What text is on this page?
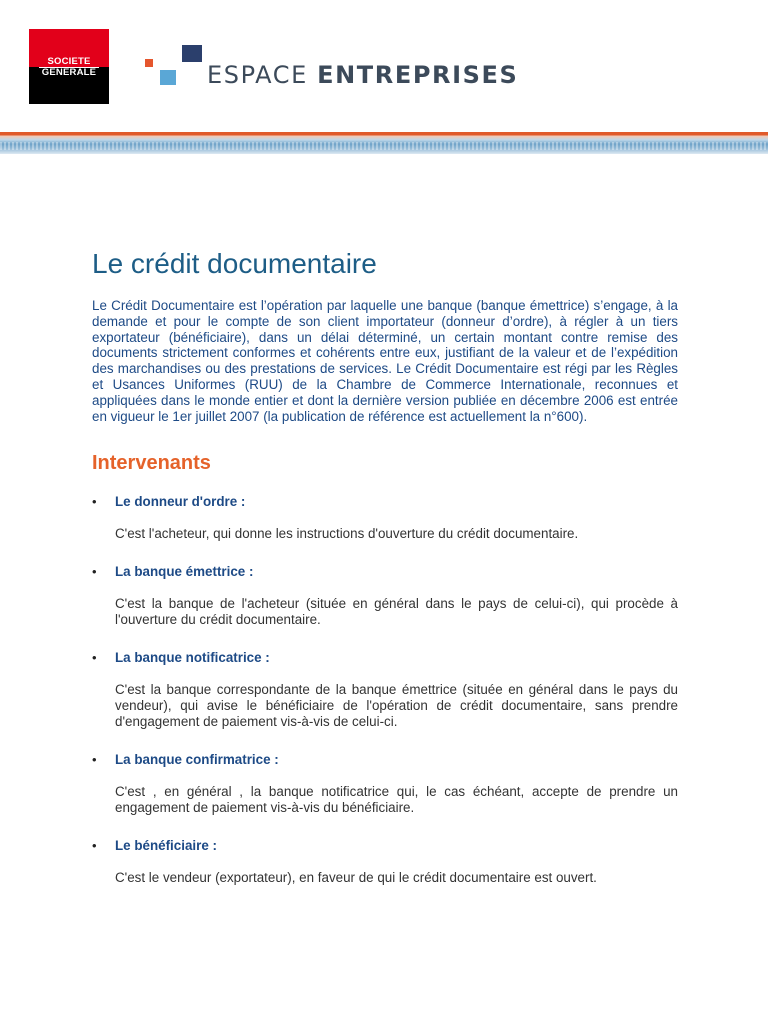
SOCIETE
GENERALE	ESPACE ENTREPRISES
Le crédit documentaire

Le Crédit Documentaire est l’opération par laquelle une banque (banque émettrice) s’engage, à la demande et pour le compte de son client importateur (donneur d’ordre), à régler à un tiers exportateur (bénéficiaire), dans un délai déterminé, un certain montant contre remise des documents strictement conformes et cohérents entre eux, justifiant de la valeur et de l’expédition des marchandises ou des prestations de services. Le Crédit Documentaire est régi par les Règles et Usances Uniformes (RUU) de la Chambre de Commerce Internationale, reconnues et appliquées dans le monde entier et dont la dernière version publiée en décembre 2006 est entrée en vigueur le 1er juillet 2007 (la publication de référence est actuellement la n°600).

Intervenants
• Le donneur d'ordre :

C'est l'acheteur, qui donne les instructions d'ouverture du crédit documentaire.

• La banque émettrice :

C'est la banque de l'acheteur (située en général dans le pays de celui-ci), qui procède à l'ouverture du crédit documentaire.

• La banque notificatrice :

C'est la banque correspondante de la banque émettrice (située en général dans le pays du vendeur), qui avise le bénéficiaire de l'opération de crédit documentaire, sans prendre d'engagement de paiement vis-à-vis de celui-ci.

• La banque confirmatrice :

C'est , en général , la banque notificatrice qui, le cas échéant, accepte de prendre un engagement de paiement vis-à-vis du bénéficiaire.

• Le bénéficiaire :

C'est le vendeur (exportateur), en faveur de qui le crédit documentaire est ouvert.
